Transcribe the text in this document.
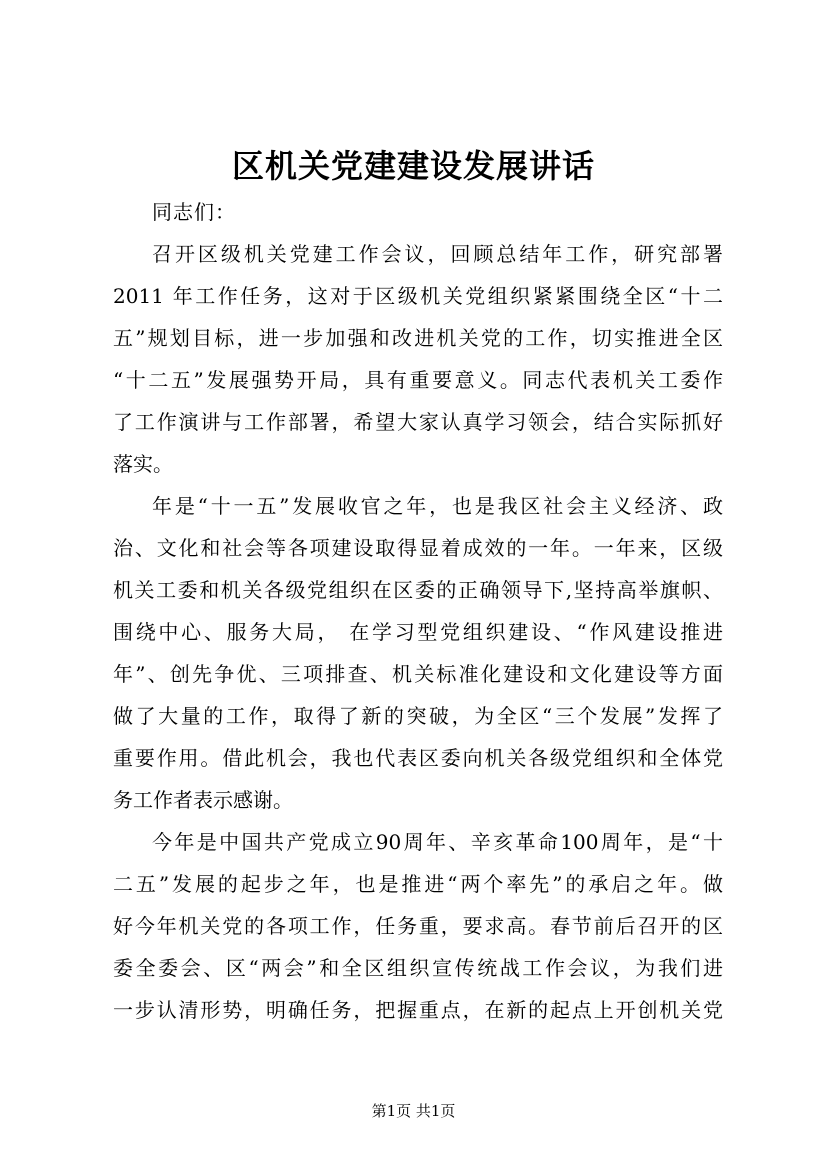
区机关党建建设发展讲话
同志们：
召开区级机关党建工作会议，回顾总结年工作，研究部署
2011 年工作任务，这对于区级机关党组织紧紧围绕全区“十二
五”规划目标，进一步加强和改进机关党的工作，切实推进全区
“十二五”发展强势开局，具有重要意义。同志代表机关工委作
了工作演讲与工作部署，希望大家认真学习领会，结合实际抓好
落实。
年是“十一五”发展收官之年，也是我区社会主义经济、政
治、文化和社会等各项建设取得显着成效的一年。一年来，区级
机关工委和机关各级党组织在区委的正确领导下,坚持高举旗帜、
围绕中心、服务大局， 在学习型党组织建设、“作风建设推进
年”、创先争优、三项排查、机关标准化建设和文化建设等方面
做了大量的工作，取得了新的突破，为全区“三个发展”发挥了
重要作用。借此机会，我也代表区委向机关各级党组织和全体党
务工作者表示感谢。
今年是中国共产党成立90周年、辛亥革命100周年，是“十
二五”发展的起步之年，也是推进“两个率先”的承启之年。做
好今年机关党的各项工作，任务重，要求高。春节前后召开的区
委全委会、区“两会”和全区组织宣传统战工作会议，为我们进
一步认清形势，明确任务，把握重点，在新的起点上开创机关党
第1页 共1页
